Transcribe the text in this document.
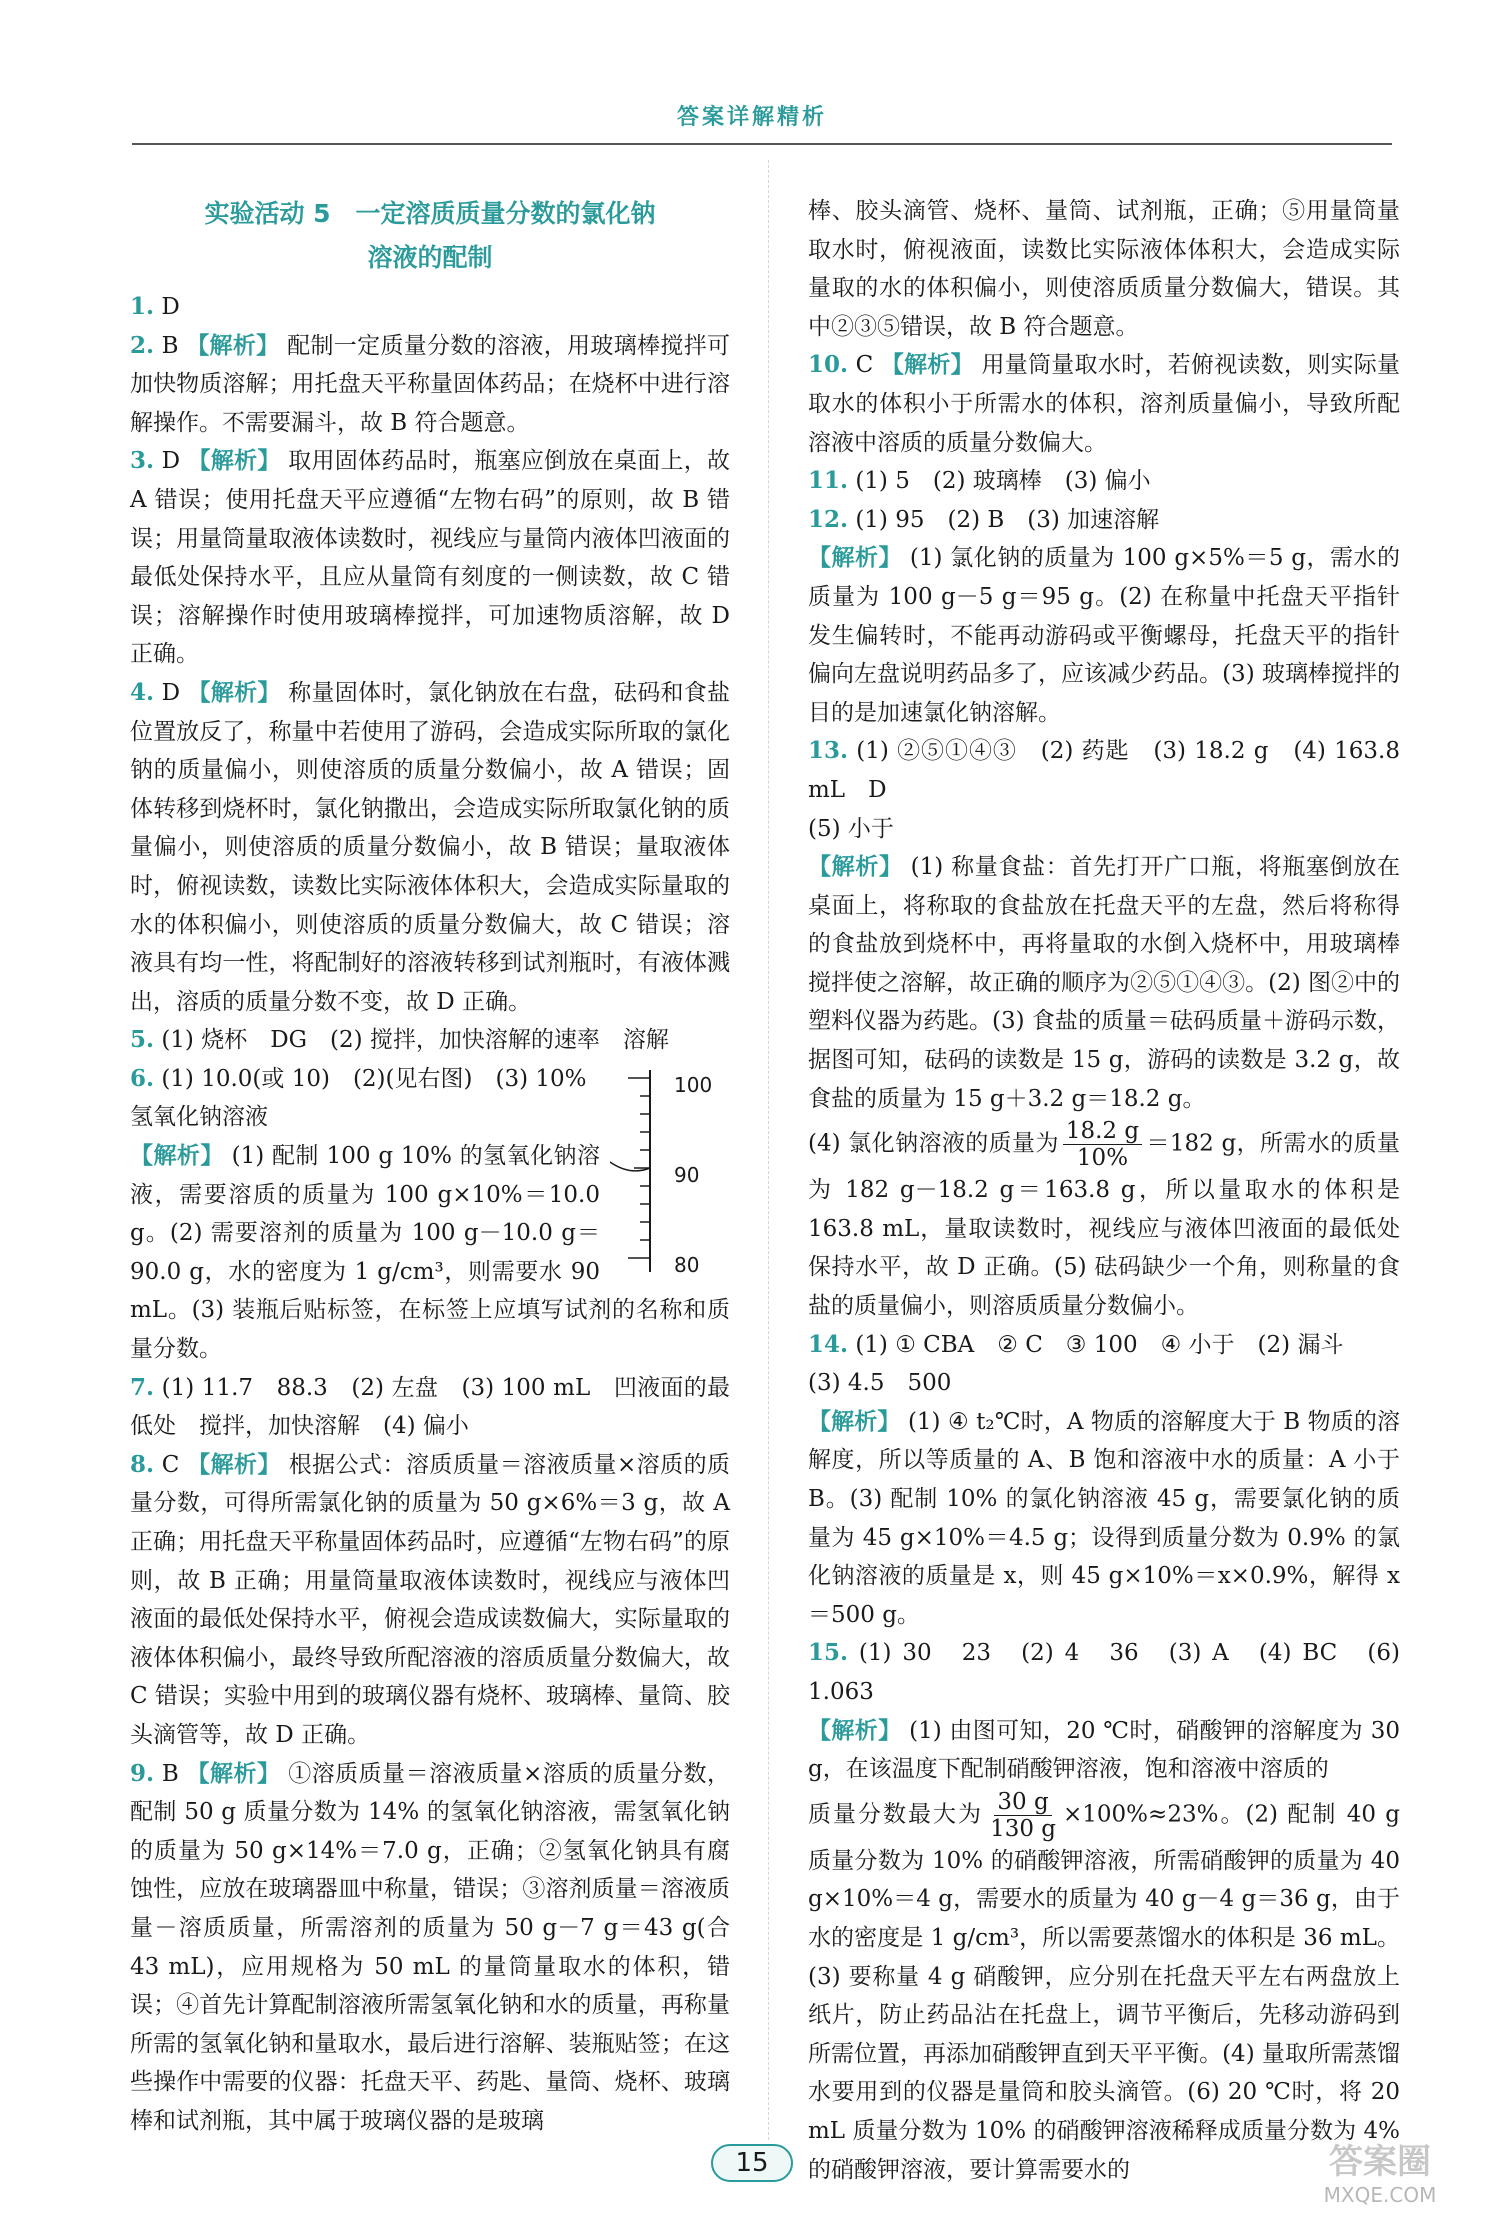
答案详解精析
实验活动 5　一定溶质质量分数的氯化钠
溶液的配制

1. D

2. B 【解析】 配制一定质量分数的溶液，用玻璃棒搅拌可加快物质溶解；用托盘天平称量固体药品；在烧杯中进行溶解操作。不需要漏斗，故 B 符合题意。

3. D 【解析】 取用固体药品时，瓶塞应倒放在桌面上，故 A 错误；使用托盘天平应遵循“左物右码”的原则，故 B 错误；用量筒量取液体读数时，视线应与量筒内液体凹液面的最低处保持水平，且应从量筒有刻度的一侧读数，故 C 错误；溶解操作时使用玻璃棒搅拌，可加速物质溶解，故 D 正确。

4. D 【解析】 称量固体时，氯化钠放在右盘，砝码和食盐位置放反了，称量中若使用了游码，会造成实际所取的氯化钠的质量偏小，则使溶质的质量分数偏小，故 A 错误；固体转移到烧杯时，氯化钠撒出，会造成实际所取氯化钠的质量偏小，则使溶质的质量分数偏小，故 B 错误；量取液体时，俯视读数，读数比实际液体体积大，会造成实际量取的水的体积偏小，则使溶质的质量分数偏大，故 C 错误；溶液具有均一性，将配制好的溶液转移到试剂瓶时，有液体溅出，溶质的质量分数不变，故 D 正确。

5. (1) 烧杯　DG　(2) 搅拌，加快溶解的速率　溶解

100
90
80
6. (1) 10.0(或 10)　(2)(见右图)　(3) 10%
氢氧化钠溶液
【解析】 (1) 配制 100 g 10% 的氢氧化钠溶液，需要溶质的质量为 100 g×10%＝10.0 g。(2) 需要溶剂的质量为 100 g－10.0 g＝90.0 g，水的密度为 1 g/cm³，则需要水 90 mL。(3) 装瓶后贴标签，在标签上应填写试剂的名称和质量分数。

7. (1) 11.7　88.3　(2) 左盘　(3) 100 mL　凹液面的最低处　搅拌，加快溶解　(4) 偏小

8. C 【解析】 根据公式：溶质质量＝溶液质量×溶质的质量分数，可得所需氯化钠的质量为 50 g×6%＝3 g，故 A 正确；用托盘天平称量固体药品时，应遵循“左物右码”的原则，故 B 正确；用量筒量取液体读数时，视线应与液体凹液面的最低处保持水平，俯视会造成读数偏大，实际量取的液体体积偏小，最终导致所配溶液的溶质质量分数偏大，故 C 错误；实验中用到的玻璃仪器有烧杯、玻璃棒、量筒、胶头滴管等，故 D 正确。

9. B 【解析】 ①溶质质量＝溶液质量×溶质的质量分数，配制 50 g 质量分数为 14% 的氢氧化钠溶液，需氢氧化钠的质量为 50 g×14%＝7.0 g，正确；②氢氧化钠具有腐蚀性，应放在玻璃器皿中称量，错误；③溶剂质量＝溶液质量－溶质质量，所需溶剂的质量为 50 g－7 g＝43 g(合 43 mL)，应用规格为 50 mL 的量筒量取水的体积，错误；④首先计算配制溶液所需氢氧化钠和水的质量，再称量所需的氢氧化钠和量取水，最后进行溶解、装瓶贴签；在这些操作中需要的仪器：托盘天平、药匙、量筒、烧杯、玻璃棒和试剂瓶，其中属于玻璃仪器的是玻璃

棒、胶头滴管、烧杯、量筒、试剂瓶，正确；⑤用量筒量取水时，俯视液面，读数比实际液体体积大，会造成实际量取的水的体积偏小，则使溶质质量分数偏大，错误。其中②③⑤错误，故 B 符合题意。

10. C 【解析】 用量筒量取水时，若俯视读数，则实际量取水的体积小于所需水的体积，溶剂质量偏小，导致所配溶液中溶质的质量分数偏大。

11. (1) 5　(2) 玻璃棒　(3) 偏小

12. (1) 95　(2) B　(3) 加速溶解
【解析】 (1) 氯化钠的质量为 100 g×5%＝5 g，需水的质量为 100 g－5 g＝95 g。(2) 在称量中托盘天平指针发生偏转时，不能再动游码或平衡螺母，托盘天平的指针偏向左盘说明药品多了，应该减少药品。(3) 玻璃棒搅拌的目的是加速氯化钠溶解。
13. (1) ②⑤①④③　(2) 药匙　(3) 18.2 g　(4) 163.8 mL　D
(5) 小于
【解析】 (1) 称量食盐：首先打开广口瓶，将瓶塞倒放在桌面上，将称取的食盐放在托盘天平的左盘，然后将称得的食盐放到烧杯中，再将量取的水倒入烧杯中，用玻璃棒搅拌使之溶解，故正确的顺序为②⑤①④③。(2) 图②中的塑料仪器为药匙。(3) 食盐的质量＝砝码质量＋游码示数，据图可知，砝码的读数是 15 g，游码的读数是 3.2 g，故食盐的质量为 15 g＋3.2 g＝18.2 g。
(4) 氯化钠溶液的质量为 $\frac{18.2 g}{10\%} =182$ g，所需水的质量为 182 g－18.2 g＝163.8 g，所以量取水的体积是 163.8 mL，量取读数时，视线应与液体凹液面的最低处保持水平，故 D 正确。(5) 砝码缺少一个角，则称量的食盐的质量偏小，则溶质质量分数偏小。
14. (1) ① CBA　② C　③ 100　④ 小于　(2) 漏斗
(3) 4.5　500
【解析】 (1) ④ t₂℃时，A 物质的溶解度大于 B 物质的溶解度，所以等质量的 A、B 饱和溶液中水的质量：A 小于 B。(3) 配制 10% 的氯化钠溶液 45 g，需要氯化钠的质量为 45 g×10%＝4.5 g；设得到质量分数为 0.9% 的氯化钠溶液的质量是 x，则 45 g×10%＝x×0.9%，解得 x＝500 g。
15. (1) 30　23　(2) 4　36　(3) A　(4) BC　(6) 1.063
【解析】 (1) 由图可知，20 ℃时，硝酸钾的溶解度为 30 g，在该温度下配制硝酸钾溶液，饱和溶液中溶质的
质量分数最大为 $\frac{30 g}{130 g} \times 100\%\approx 23\%$。(2) 配制 40 g 质量分数为 10% 的硝酸钾溶液，所需硝酸钾的质量为 40 g×10%＝4 g，需要水的质量为 40 g－4 g＝36 g，由于水的密度是 1 g/cm³，所以需要蒸馏水的体积是 36 mL。(3) 要称量 4 g 硝酸钾，应分别在托盘天平左右两盘放上纸片，防止药品沾在托盘上，调节平衡后，先移动游码到所需位置，再添加硝酸钾直到天平平衡。(4) 量取所需蒸馏水要用到的仪器是量筒和胶头滴管。(6) 20 ℃时，将 20 mL 质量分数为 10% 的硝酸钾溶液稀释成质量分数为 4% 的硝酸钾溶液，要计算需要水的
15	答案圈
MXQE.COM
